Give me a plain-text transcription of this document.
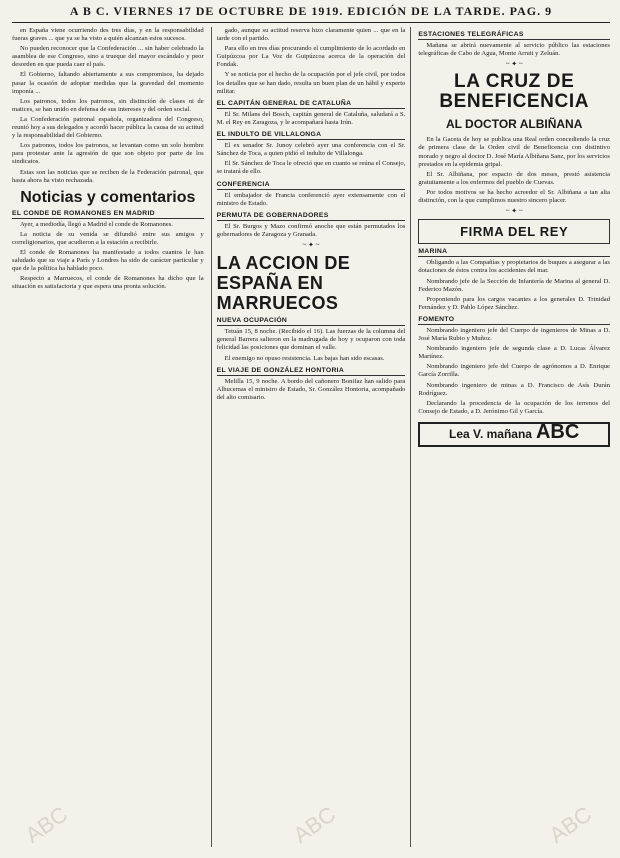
A B C. VIERNES 17 DE OCTUBRE DE 1919. EDICIÓN DE LA TARDE. PAG. 9

en España viene ocurriendo des tres días, y en la responsabilidad fueras graves ... que ya se ha visto a quién alcanzan estos sucesos.

No pueden reconocer que la Confederación ... sin haber celebrado la asamblea de ese Congreso, sino a trueque del mayor escándalo y peor desorden en que pueda caer el país.

El Gobierno, faltando abiertamente a sus compromisos, ha dejado pasar la ocasión de adoptar medidas que la gravedad del momento imponía ...

Los patronos, todos los patronos, sin distinción de clases ni de matices, se han unido en defensa de sus intereses y del orden social.

La Confederación patronal española, organizadora del Congreso, reunió hoy a sus delegados y acordó hacer pública la causa de su actitud y la responsabilidad del Gobierno.

Los patronos, todos los patronos, se levantan como un solo hombre para protestar ante la agresión de que son objeto por parte de los sindicatos.

Estas son las noticias que se reciben de la Federación patronal, que hasta ahora ha visto rechazada.

Noticias y comentarios
EL CONDE DE ROMANONES EN MADRID

Ayer, a mediodía, llegó a Madrid el conde de Romanones.

La noticia de su venida se difundió entre sus amigos y correligionarios, que acudieron a la estación a recibirle.

El conde de Romanones ha manifestado a todos cuantos le han saludado que su viaje a París y Londres ha sido de carácter particular y que de la política ha hablado poco.

Respecto a Marruecos, el conde de Romanones ha dicho que la situación es satisfactoria y que espera una pronta solución.

gado, aunque su actitud reserva hizo claramente quien ... que en la tarde con el partido.

Para ello en tres días procurando el cumplimiento de lo acordado en Guipúzcoa por La Voz de Guipúzcoa acerca de la operación del Fondak.

Y se noticia por el hecho de la ocupación por el jefe civil, por todos los detalles que se han dado, resulta un buen plan de un hábil y experto militar.

EL CAPITÁN GENERAL DE CATALUÑA

El Sr. Milans del Bosch, capitán general de Cataluña, saludará a S. M. el Rey en Zaragoza, y le acompañará hasta Irún.

EL INDULTO DE VILLALONGA

El ex senador Sr. Junoy celebró ayer una conferencia con el Sr. Sánchez de Toca, a quien pidió el indulto de Villalonga.

El Sr. Sánchez de Toca le ofreció que en cuanto se reúna el Consejo, se tratará de ello.

CONFERENCIA

El embajador de Francia conferenció ayer extensamente con el ministro de Estado.

PERMUTA DE GOBERNADORES

El Sr. Burgos y Mazo confirmó anoche que están permutados los gobernadores de Zaragoza y Granada.

~ ✦ ~
LA ACCION DE ESPAÑA EN MARRUECOS
NUEVA OCUPACIÓN

Tetuán 15, 8 noche. (Recibido el 16). Las fuerzas de la columna del general Barrera salieron en la madrugada de hoy y ocuparon con toda felicidad las posiciones que dominan el valle.

El enemigo no opuso resistencia. Las bajas han sido escasas.

EL VIAJE DE GONZÁLEZ HONTORIA

Melilla 15, 9 noche. A bordo del cañonero Bonifaz han salido para Alhucemas el ministro de Estado, Sr. González Hontoria, acompañado del alto comisario.

ESTACIONES TELEGRÁFICAS

Mañana se abrirá nuevamente al servicio público las estaciones telegráficas de Cabo de Agua, Monte Arruit y Zeluán.

~ ✦ ~
LA CRUZ DE BENEFICENCIA
AL DOCTOR ALBIÑANA

En la Gaceta de hoy se publica una Real orden concediendo la cruz de primera clase de la Orden civil de Beneficencia con distintivo morado y negro al doctor D. José María Albiñana Sanz, por los servicios prestados en la epidemia gripal.

El Sr. Albiñana, por espacio de dos meses, prestó asistencia gratuitamente a los enfermos del pueblo de Cuevas.

Por todos motivos se ha hecho acreedor el Sr. Albiñana a tan alta distinción, con la que cumplimos nuestro sincero placer.

~ ✦ ~
FIRMA DEL REY
MARINA

Obligando a las Compañías y propietarios de buques a asegurar a las dotaciones de éstos contra los accidentes del mar.

Nombrando jefe de la Sección de Infantería de Marina al general D. Federico Mazón.

Proponiendo para los cargos vacantes a los generales D. Trinidad Fernández y D. Pablo López Sánchez.

FOMENTO

Nombrando ingeniero jefe del Cuerpo de ingenieros de Minas a D. José María Rubio y Muñoz.

Nombrando ingeniero jefe de segunda clase a D. Lucas Álvarez Martínez.

Nombrando ingeniero jefe del Cuerpo de agrónomos a D. Enrique García Zorrilla.

Nombrando ingeniero de minas a D. Francisco de Asís Durán Rodríguez.

Declarando la procedencia de la ocupación de los terrenos del Consejo de Estado, a D. Jerónimo Gil y García.

Lea V. mañana ABC
ABC	ABC	ABC
